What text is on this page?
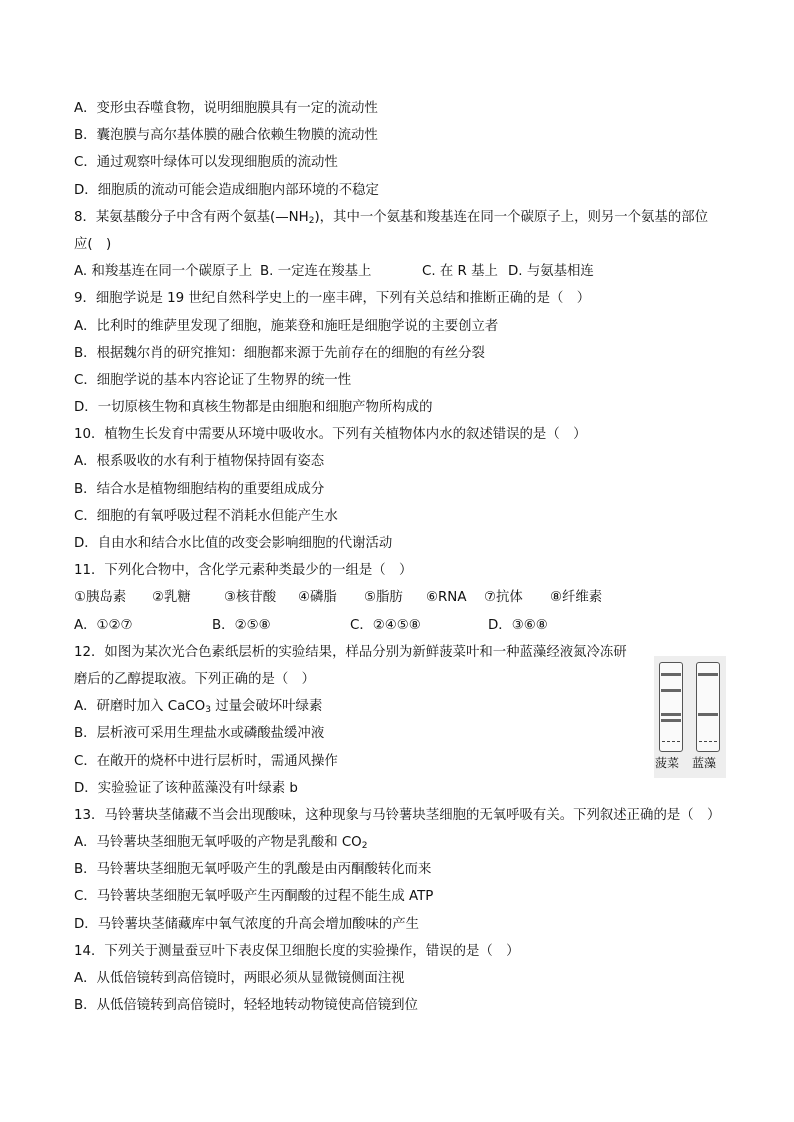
A．变形虫吞噬食物，说明细胞膜具有一定的流动性
B．囊泡膜与高尔基体膜的融合依赖生物膜的流动性
C．通过观察叶绿体可以发现细胞质的流动性
D．细胞质的流动可能会造成细胞内部环境的不稳定
8．某氨基酸分子中含有两个氨基$(—NH_2)$，其中一个氨基和羧基连在同一个碳原子上，则另一个氨基的部位
应(　)
A. 和羧基连在同一个碳原子上 B. 一定连在羧基上	C. 在 R 基上 D. 与氨基相连
9．细胞学说是 19 世纪自然科学史上的一座丰碑，下列有关总结和推断正确的是（　）
A．比利时的维萨里发现了细胞，施莱登和施旺是细胞学说的主要创立者
B．根据魏尔肖的研究推知：细胞都来源于先前存在的细胞的有丝分裂
C．细胞学说的基本内容论证了生物界的统一性
D．一切原核生物和真核生物都是由细胞和细胞产物所构成的
10．植物生长发育中需要从环境中吸收水。下列有关植物体内水的叙述错误的是（　）
A．根系吸收的水有利于植物保持固有姿态
B．结合水是植物细胞结构的重要组成成分
C．细胞的有氧呼吸过程不消耗水但能产生水
D．自由水和结合水比值的改变会影响细胞的代谢活动
11．下列化合物中，含化学元素种类最少的一组是（　）
①胰岛素 ②乳糖 ③核苷酸 ④磷脂 ⑤脂肪 ⑥RNA ⑦抗体 ⑧纤维素
A．①②⑦	B．②⑤⑧	C．②④⑤⑧	D．③⑥⑧
12．如图为某次光合色素纸层析的实验结果，样品分别为新鲜菠菜叶和一种蓝藻经液氮冷冻研
磨后的乙醇提取液。下列正确的是（　）
A．研磨时加入 CaCO$_3$ 过量会破坏叶绿素
B．层析液可采用生理盐水或磷酸盐缓冲液
C．在敞开的烧杯中进行层析时，需通风操作
D．实验验证了该种蓝藻没有叶绿素 b
13．马铃薯块茎储藏不当会出现酸味，这种现象与马铃薯块茎细胞的无氧呼吸有关。下列叙述正确的是（　）
A．马铃薯块茎细胞无氧呼吸的产物是乳酸和 $CO_2$
B．马铃薯块茎细胞无氧呼吸产生的乳酸是由丙酮酸转化而来
C．马铃薯块茎细胞无氧呼吸产生丙酮酸的过程不能生成 ATP
D．马铃薯块茎储藏库中氧气浓度的升高会增加酸味的产生
14．下列关于测量蚕豆叶下表皮保卫细胞长度的实验操作，错误的是（　）
A．从低倍镜转到高倍镜时，两眼必须从显微镜侧面注视
B．从低倍镜转到高倍镜时，轻轻地转动物镜使高倍镜到位
菠菜 蓝藻
